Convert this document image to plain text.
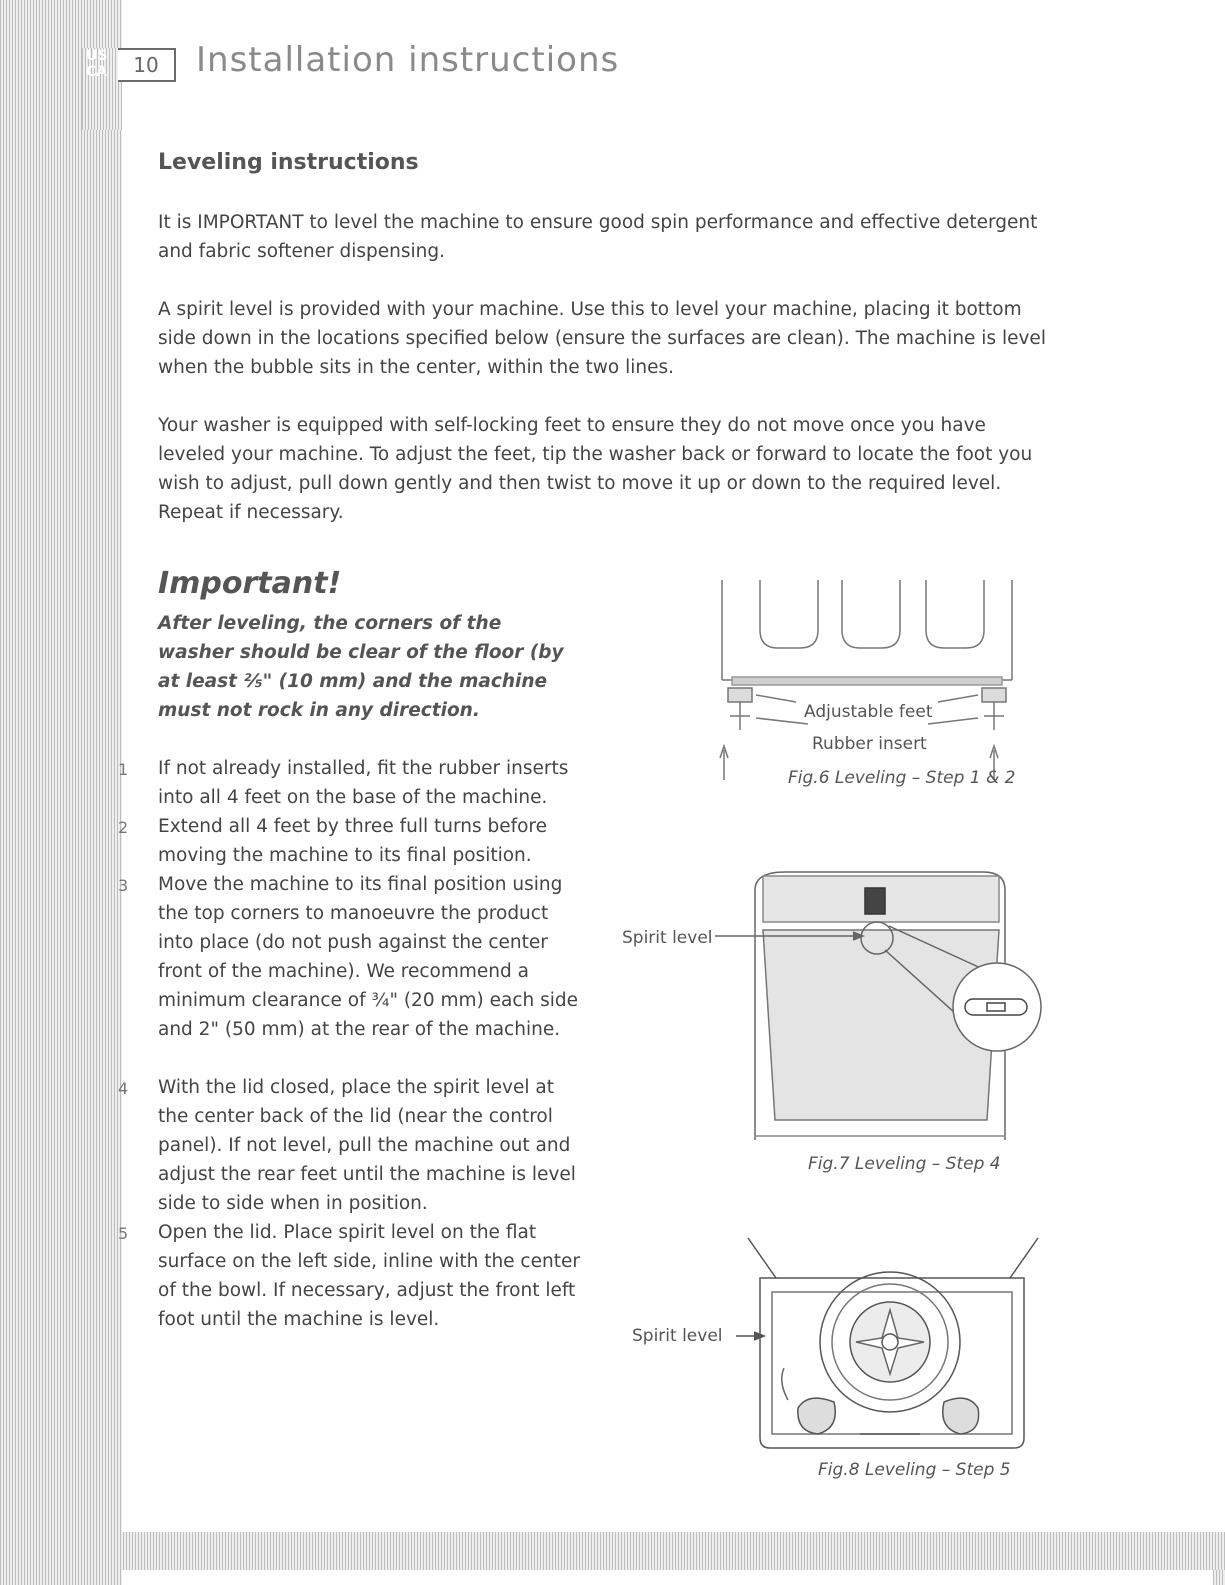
US CA	10	Installation instructions
Leveling instructions

It is IMPORTANT to level the machine to ensure good spin performance and effective detergent and fabric softener dispensing.

A spirit level is provided with your machine. Use this to level your machine, placing it bottom side down in the locations specified below (ensure the surfaces are clean). The machine is level when the bubble sits in the center, within the two lines.

Your washer is equipped with self-locking feet to ensure they do not move once you have leveled your machine. To adjust the feet, tip the washer back or forward to locate the foot you wish to adjust, pull down gently and then twist to move it up or down to the required level. Repeat if necessary.

Important!

After leveling, the corners of the washer should be clear of the floor (by at least ⅖" (10 mm) and the machine must not rock in any direction.

1 If not already installed, fit the rubber inserts into all 4 feet on the base of the machine.

2 Extend all 4 feet by three full turns before moving the machine to its final position.

3 Move the machine to its final position using the top corners to manoeuvre the product into place (do not push against the center front of the machine). We recommend a minimum clearance of ¾" (20 mm) each side and 2" (50 mm) at the rear of the machine.

4 With the lid closed, place the spirit level at the center back of the lid (near the control panel). If not level, pull the machine out and adjust the rear feet until the machine is level side to side when in position.

5 Open the lid. Place spirit level on the flat surface on the left side, inline with the center of the bowl. If necessary, adjust the front left foot until the machine is level.

Adjustable feet
Rubber insert
Fig.6 Leveling – Step 1 & 2
Spirit level
Fig.7 Leveling – Step 4
Spirit level
Fig.8 Leveling – Step 5
